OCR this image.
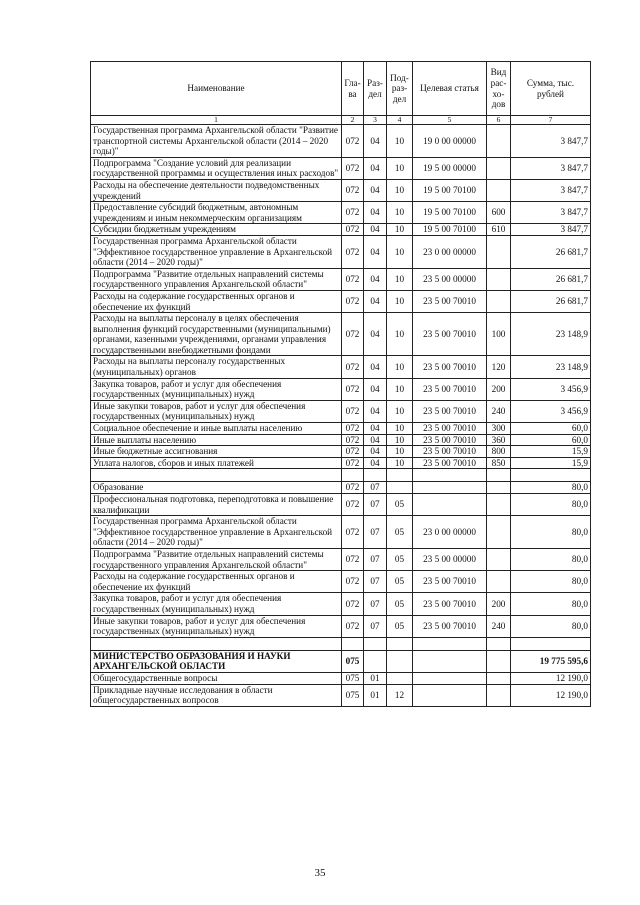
Наименование	Гла-ва	Раз-дел	Под-раз-дел	Целевая статья	Вид рас-хо-дов	Сумма, тыс. рублей
1	2	3	4	5	6	7
Государственная программа Архангельской области "Развитие транспортной системы Архангельской области (2014 – 2020 годы)"	072	04	10	19 0 00 00000		3 847,7
Подпрограмма "Создание условий для реализации государственной программы и осуществления иных расходов"	072	04	10	19 5 00 00000		3 847,7
Расходы на обеспечение деятельности подведомственных учреждений	072	04	10	19 5 00 70100		3 847,7
Предоставление субсидий бюджетным, автономным учреждениям и иным некоммерческим организациям	072	04	10	19 5 00 70100	600	3 847,7
Субсидии бюджетным учреждениям	072	04	10	19 5 00 70100	610	3 847,7
Государственная программа Архангельской области "Эффективное государственное управление в Архангельской области (2014 – 2020 годы)"	072	04	10	23 0 00 00000		26 681,7
Подпрограмма "Развитие отдельных направлений системы государственного управления Архангельской области"	072	04	10	23 5 00 00000		26 681,7
Расходы на содержание государственных органов и обеспечение их функций	072	04	10	23 5 00 70010		26 681,7
Расходы на выплаты персоналу в целях обеспечения выполнения функций государственными (муниципальными) органами, казенными учреждениями, органами управления государственными внебюджетными фондами	072	04	10	23 5 00 70010	100	23 148,9
Расходы на выплаты персоналу государственных (муниципальных) органов	072	04	10	23 5 00 70010	120	23 148,9
Закупка товаров, работ и услуг для обеспечения государственных (муниципальных) нужд	072	04	10	23 5 00 70010	200	3 456,9
Иные закупки товаров, работ и услуг для обеспечения государственных (муниципальных) нужд	072	04	10	23 5 00 70010	240	3 456,9
Социальное обеспечение и иные выплаты населению	072	04	10	23 5 00 70010	300	60,0
Иные выплаты населению	072	04	10	23 5 00 70010	360	60,0
Иные бюджетные ассигнования	072	04	10	23 5 00 70010	800	15,9
Уплата налогов, сборов и иных платежей	072	04	10	23 5 00 70010	850	15,9

Образование	072	07				80,0
Профессиональная подготовка, переподготовка и повышение квалификации	072	07	05			80,0
Государственная программа Архангельской области "Эффективное государственное управление в Архангельской области (2014 – 2020 годы)"	072	07	05	23 0 00 00000		80,0
Подпрограмма "Развитие отдельных направлений системы государственного управления Архангельской области"	072	07	05	23 5 00 00000		80,0
Расходы на содержание государственных органов и обеспечение их функций	072	07	05	23 5 00 70010		80,0
Закупка товаров, работ и услуг для обеспечения государственных (муниципальных) нужд	072	07	05	23 5 00 70010	200	80,0
Иные закупки товаров, работ и услуг для обеспечения государственных (муниципальных) нужд	072	07	05	23 5 00 70010	240	80,0

МИНИСТЕРСТВО ОБРАЗОВАНИЯ И НАУКИ АРХАНГЕЛЬСКОЙ ОБЛАСТИ	075					19 775 595,6
Общегосударственные вопросы	075	01				12 190,0
Прикладные научные исследования в области общегосударственных вопросов	075	01	12			12 190,0
35
